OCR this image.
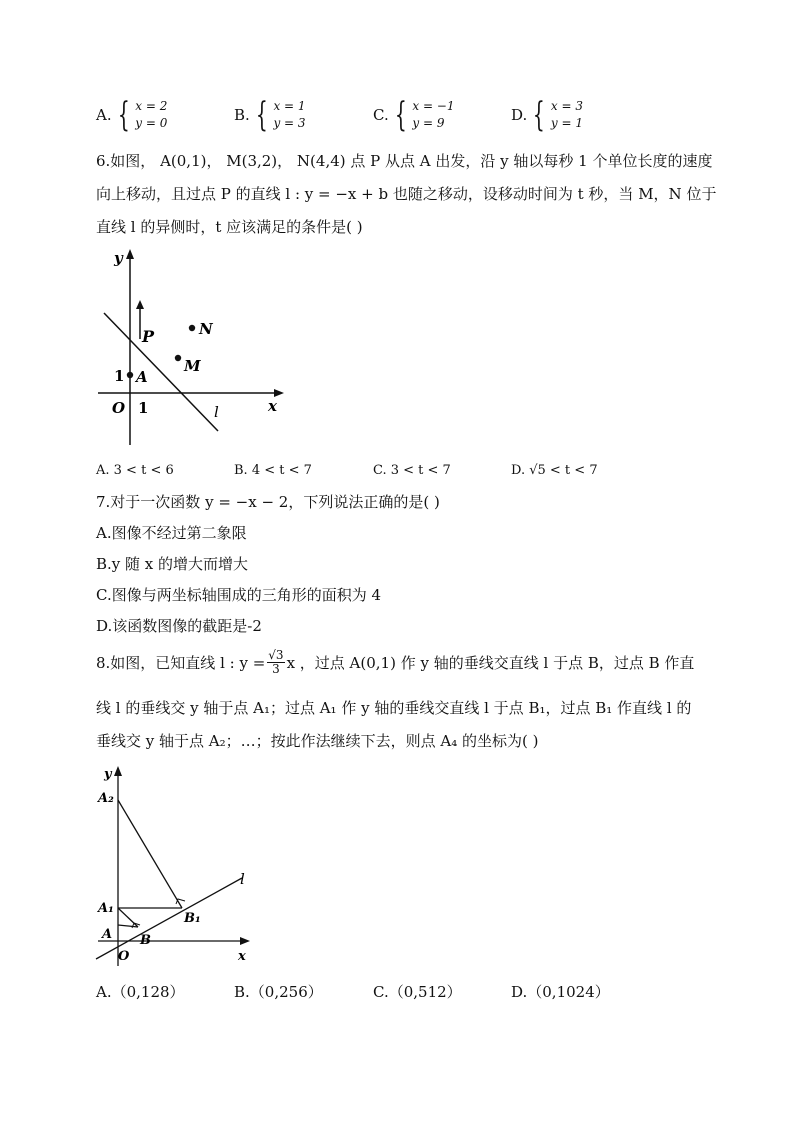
A. { x = 2
y = 0	B. { x = 1
y = 3	C. { x = −1
y = 9	D. { x = 3
y = 1
6.如图， A(0,1)， M(3,2)， N(4,4) 点 P 从点 A 出发，沿 y 轴以每秒 1 个单位长度的速度
向上移动，且过点 P 的直线 l : y = −x + b 也随之移动，设移动时间为 t 秒，当 M，N 位于
直线 l 的异侧时，t 应该满足的条件是( )
y
x
O 1
1 A
P	N
M
l
A. 3 < t < 6	B. 4 < t < 7	C. 3 < t < 7	D. √5 < t < 7
7.对于一次函数 y = −x − 2，下列说法正确的是( )
A.图像不经过第二象限
B.y 随 x 的增大而增大
C.图像与两坐标轴围成的三角形的面积为 4
D.该函数图像的截距是-2
8.如图，已知直线 l : $y = \frac{√3}{3}$ x ，过点 A(0,1) 作 y 轴的垂线交直线 l 于点 B，过点 B 作直
线 l 的垂线交 y 轴于点 A₁；过点 A₁ 作 y 轴的垂线交直线 l 于点 B₁，过点 B₁ 作直线 l 的
垂线交 y 轴于点 A₂；…；按此作法继续下去，则点 A₄ 的坐标为( )
y
x
O
A B
A₁
B₁
A₂
l
A.（0,128）	B.（0,256）	C.（0,512）	D.（0,1024）
